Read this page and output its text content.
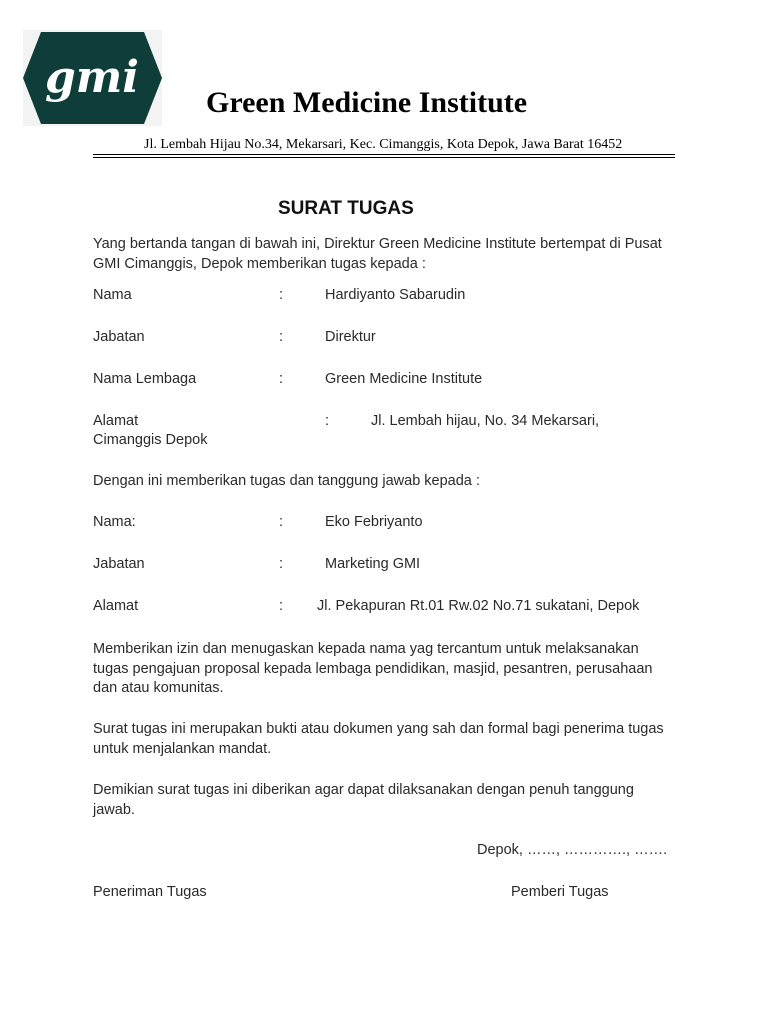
gmi Green Medicine Institute
Jl. Lembah Hijau No.34, Mekarsari, Kec. Cimanggis, Kota Depok, Jawa Barat 16452
SURAT TUGAS
Yang bertanda tangan di bawah ini, Direktur Green Medicine Institute bertempat di Pusat GMI Cimanggis, Depok memberikan tugas kepada :
Nama	:	Hardiyanto Sabarudin
Jabatan	:	Direktur
Nama Lembaga	:	Green Medicine Institute
Alamat	:	Jl. Lembah hijau, No. 34 Mekarsari,
Cimanggis Depok
Dengan ini memberikan tugas dan tanggung jawab kepada :
Nama:	:	Eko Febriyanto
Jabatan	:	Marketing GMI
Alamat	: Jl. Pekapuran Rt.01 Rw.02 No.71 sukatani, Depok
Memberikan izin dan menugaskan kepada nama yag tercantum untuk melaksanakan tugas pengajuan proposal kepada lembaga pendidikan, masjid, pesantren, perusahaan dan atau komunitas.
Surat tugas ini merupakan bukti atau dokumen yang sah dan formal bagi penerima tugas untuk menjalankan mandat.
Demikian surat tugas ini diberikan agar dapat dilaksanakan dengan penuh tanggung jawab.
Depok, ……, …………., …….
Peneriman Tugas	Pemberi Tugas
